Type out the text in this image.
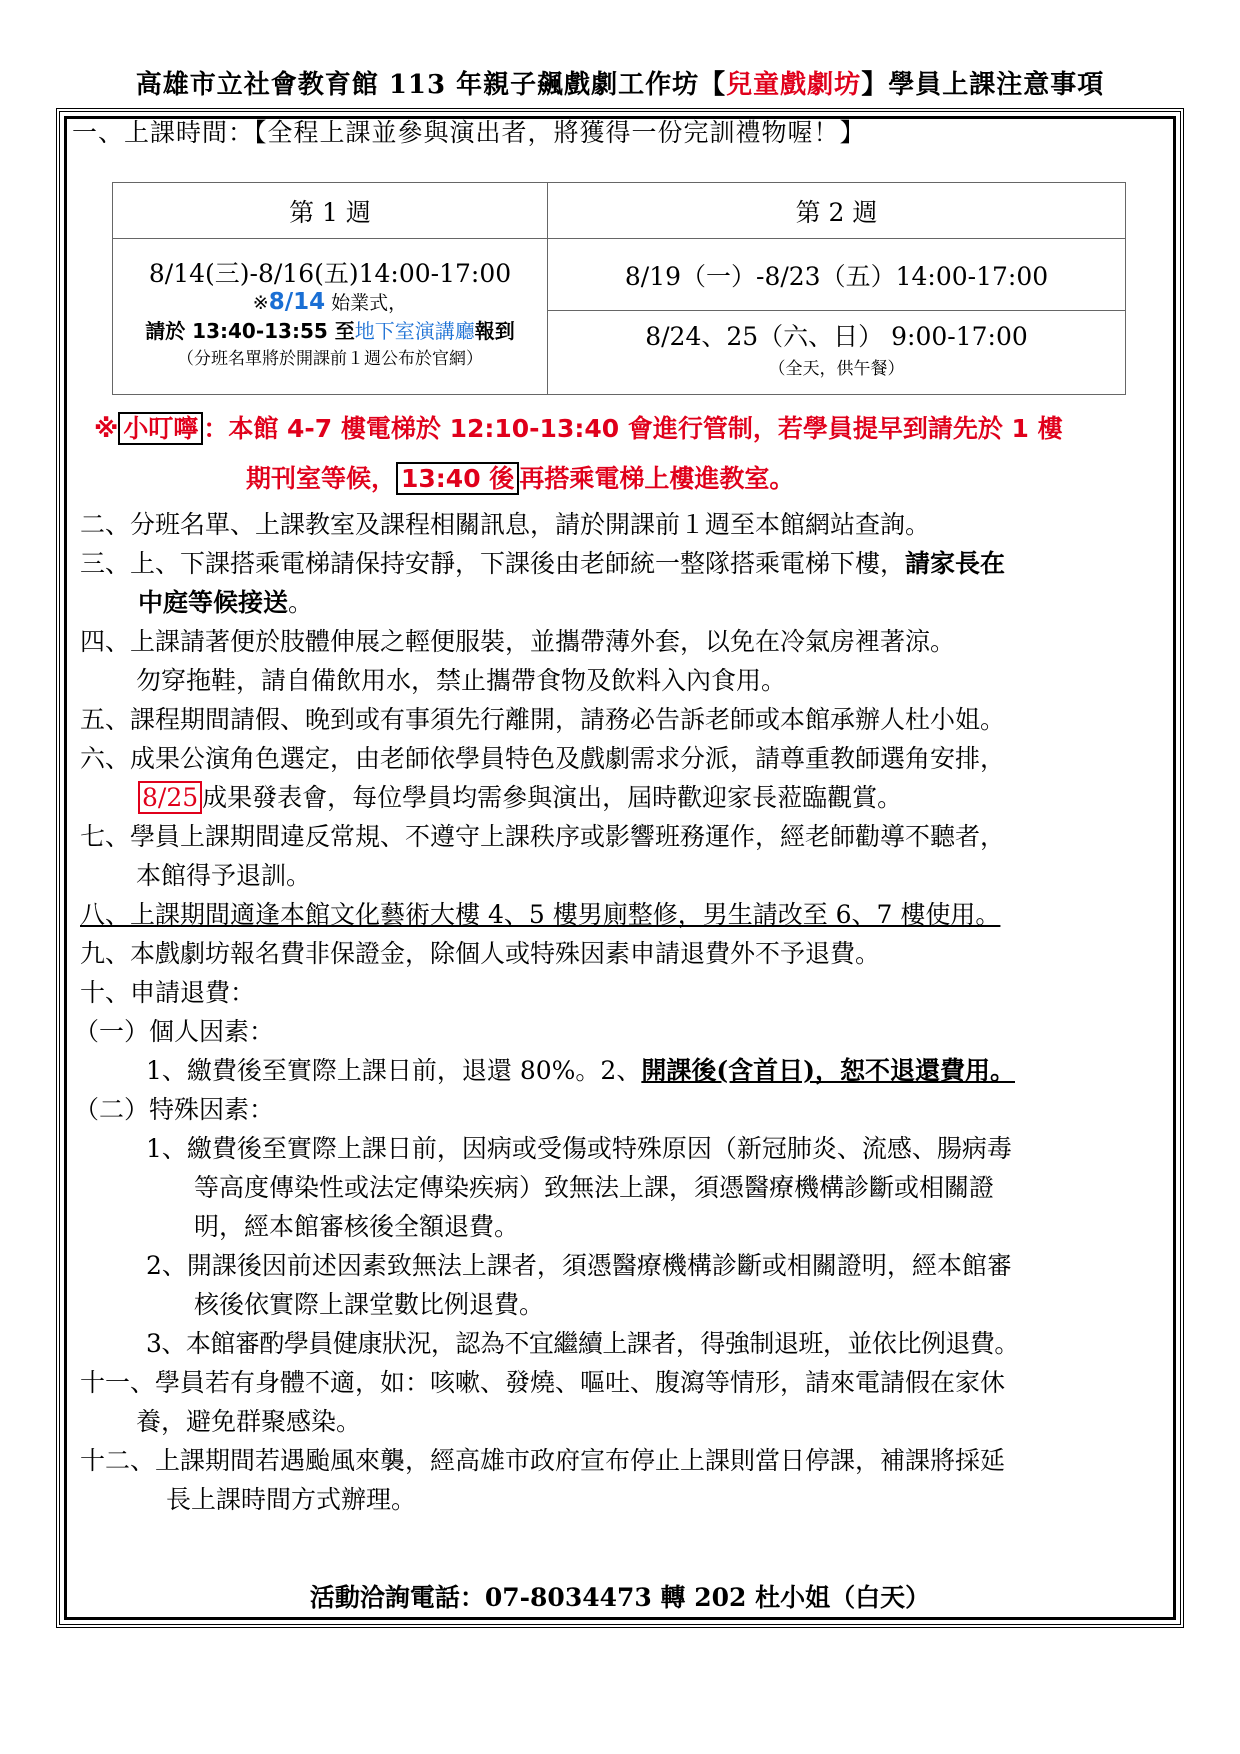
高雄市立社會教育館 113 年親子飆戲劇工作坊【兒童戲劇坊】學員上課注意事項
一、上課時間：【全程上課並參與演出者，將獲得一份完訓禮物喔！】
第 1 週	第 2 週

8/14(三)-8/16(五)14:00-17:00
※8/14 始業式，
請於 13:40-13:55 至地下室演講廳報到
（分班名單將於開課前１週公布於官網）	8/19（一）-8/23（五）14:00-17:00

	8/24、25（六、日） 9:00-17:00
（全天，供午餐）
※ 小叮嚀 ：本館 4-7 樓電梯於 12:10-13:40 會進行管制，若學員提早到請先於 1 樓
期刊室等候， 13:40 後 再搭乘電梯上樓進教室。
二、分班名單、上課教室及課程相關訊息，請於開課前１週至本館網站查詢。
三、上、下課搭乘電梯請保持安靜，下課後由老師統一整隊搭乘電梯下樓，請家長在
中庭等候接送。
四、上課請著便於肢體伸展之輕便服裝，並攜帶薄外套，以免在冷氣房裡著涼。
勿穿拖鞋，請自備飲用水，禁止攜帶食物及飲料入內食用。
五、課程期間請假、晚到或有事須先行離開，請務必告訴老師或本館承辦人杜小姐。
六、成果公演角色選定，由老師依學員特色及戲劇需求分派，請尊重教師選角安排，
8/25 成果發表會，每位學員均需參與演出，屆時歡迎家長蒞臨觀賞。
七、學員上課期間違反常規、不遵守上課秩序或影響班務運作，經老師勸導不聽者，
本館得予退訓。
八、上課期間適逢本館文化藝術大樓 4、5 樓男廁整修，男生請改至 6、7 樓使用。
九、本戲劇坊報名費非保證金，除個人或特殊因素申請退費外不予退費。
十、申請退費：
（一）個人因素：
1、繳費後至實際上課日前，退還 80%。2、開課後(含首日)，恕不退還費用。
（二）特殊因素：
1、繳費後至實際上課日前，因病或受傷或特殊原因（新冠肺炎、流感、腸病毒
等高度傳染性或法定傳染疾病）致無法上課，須憑醫療機構診斷或相關證
明，經本館審核後全額退費。
2、開課後因前述因素致無法上課者，須憑醫療機構診斷或相關證明，經本館審
核後依實際上課堂數比例退費。
3、本館審酌學員健康狀況，認為不宜繼續上課者，得強制退班，並依比例退費。
十一、學員若有身體不適，如：咳嗽、發燒、嘔吐、腹瀉等情形，請來電請假在家休
養，避免群聚感染。
十二、上課期間若遇颱風來襲，經高雄市政府宣布停止上課則當日停課，補課將採延
長上課時間方式辦理。
活動洽詢電話：07-8034473 轉 202 杜小姐（白天）
